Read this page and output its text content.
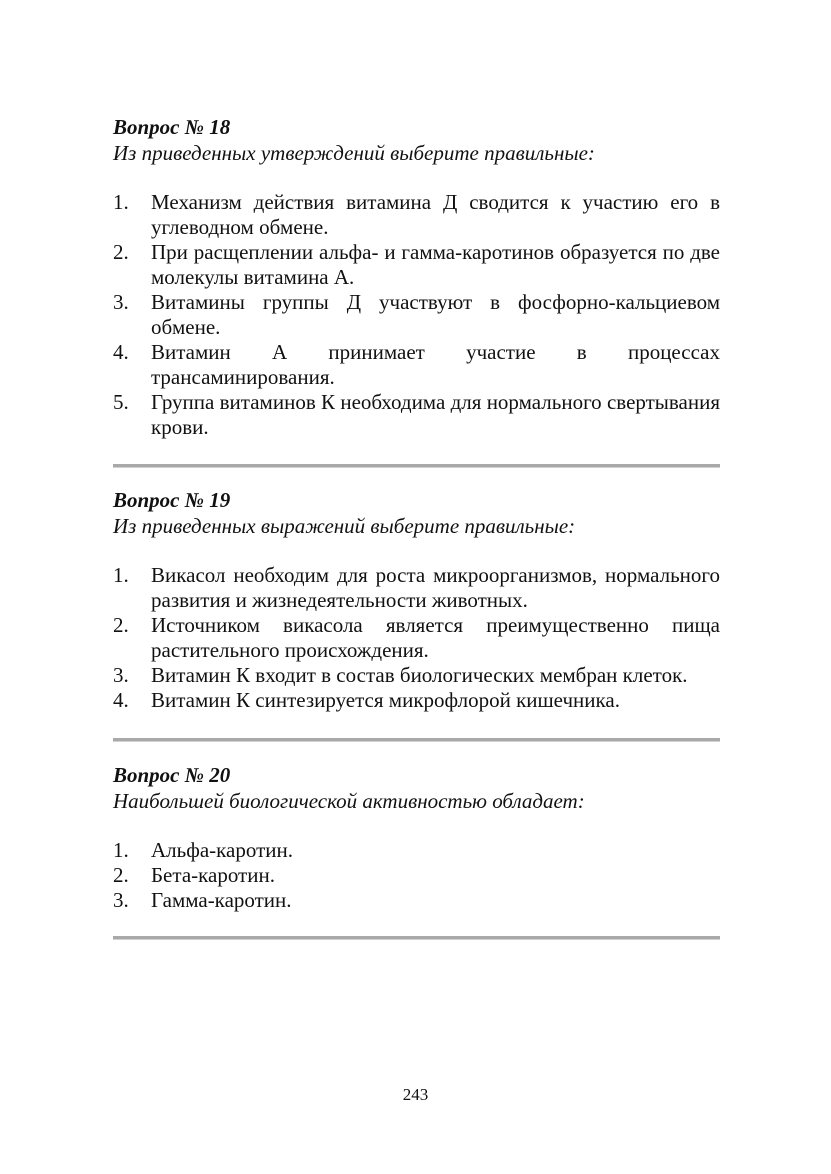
Вопрос № 18

Из приведенных утверждений выберите правильные:

1. Механизм действия витамина Д сводится к участию его в углеводном обмене.
2. При расщеплении альфа- и гамма-каротинов образуется по две молекулы витамина А.
3. Витамины группы Д участвуют в фосфорно-кальциевом обмене.
4. Витамин А принимает участие в процессах трансаминирования.
5. Группа витаминов К необходима для нормального свертывания крови.

Вопрос № 19

Из приведенных выражений выберите правильные:

1. Викасол необходим для роста микроорганизмов, нормального развития и жизнедеятельности животных.
2. Источником викасола является преимущественно пища растительного происхождения.
3. Витамин К входит в состав биологических мембран клеток.
4. Витамин К синтезируется микрофлорой кишечника.

Вопрос № 20

Наибольшей биологической активностью обладает:

1. Альфа-каротин.
2. Бета-каротин.
3. Гамма-каротин.
243
